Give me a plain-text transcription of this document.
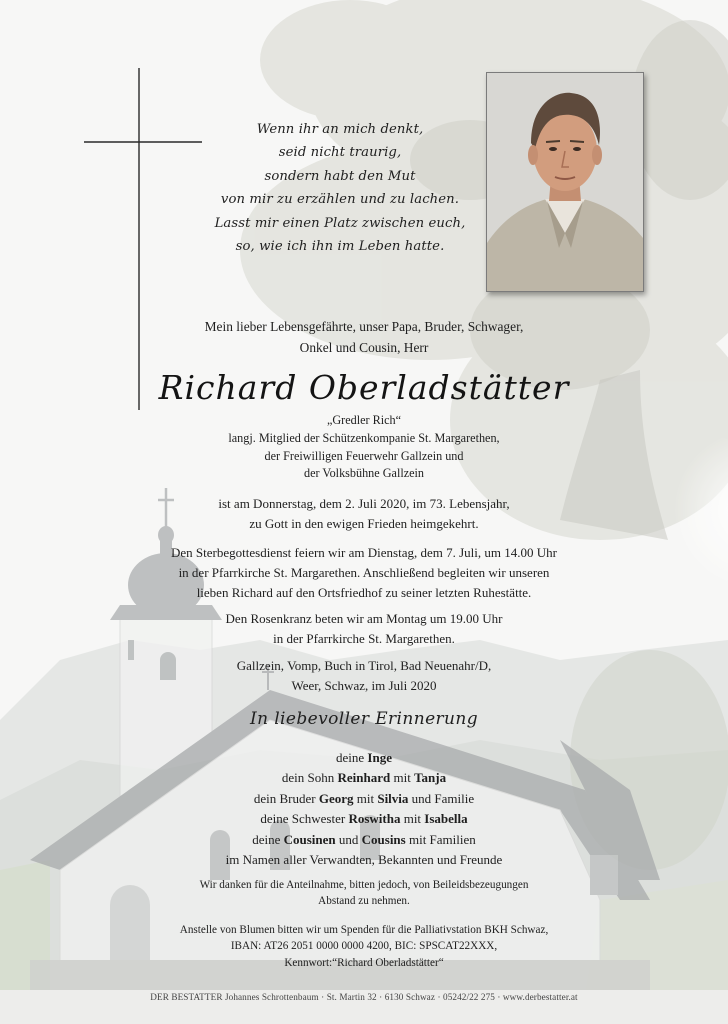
Wenn ihr an mich denkt,
seid nicht traurig,
sondern habt den Mut
von mir zu erzählen und zu lachen.
Lasst mir einen Platz zwischen euch,
so, wie ich ihn im Leben hatte.
Mein lieber Lebensgefährte, unser Papa, Bruder, Schwager,
Onkel und Cousin, Herr
Richard Oberladstätter
„Gredler Rich“
langj. Mitglied der Schützenkompanie St. Margarethen,
der Freiwilligen Feuerwehr Gallzein und
der Volksbühne Gallzein
ist am Donnerstag, dem 2. Juli 2020, im 73. Lebensjahr,
zu Gott in den ewigen Frieden heimgekehrt.
Den Sterbegottesdienst feiern wir am Dienstag, dem 7. Juli, um 14.00 Uhr
in der Pfarrkirche St. Margarethen. Anschließend begleiten wir unseren
lieben Richard auf den Ortsfriedhof zu seiner letzten Ruhestätte.
Den Rosenkranz beten wir am Montag um 19.00 Uhr
in der Pfarrkirche St. Margarethen.
Gallzein, Vomp, Buch in Tirol, Bad Neuenahr/D,
Weer, Schwaz, im Juli 2020
In liebevoller Erinnerung
deine Inge
dein Sohn Reinhard mit Tanja
dein Bruder Georg mit Silvia und Familie
deine Schwester Roswitha mit Isabella
deine Cousinen und Cousins mit Familien
im Namen aller Verwandten, Bekannten und Freunde
Wir danken für die Anteilnahme, bitten jedoch, von Beileidsbezeugungen
Abstand zu nehmen.
Anstelle von Blumen bitten wir um Spenden für die Palliativstation BKH Schwaz,
IBAN: AT26 2051 0000 0000 4200, BIC: SPSCAT22XXX,
Kennwort:“Richard Oberladstätter“
DER BESTATTER Johannes Schrottenbaum · St. Martin 32 · 6130 Schwaz · 05242/22 275 · www.derbestatter.at
